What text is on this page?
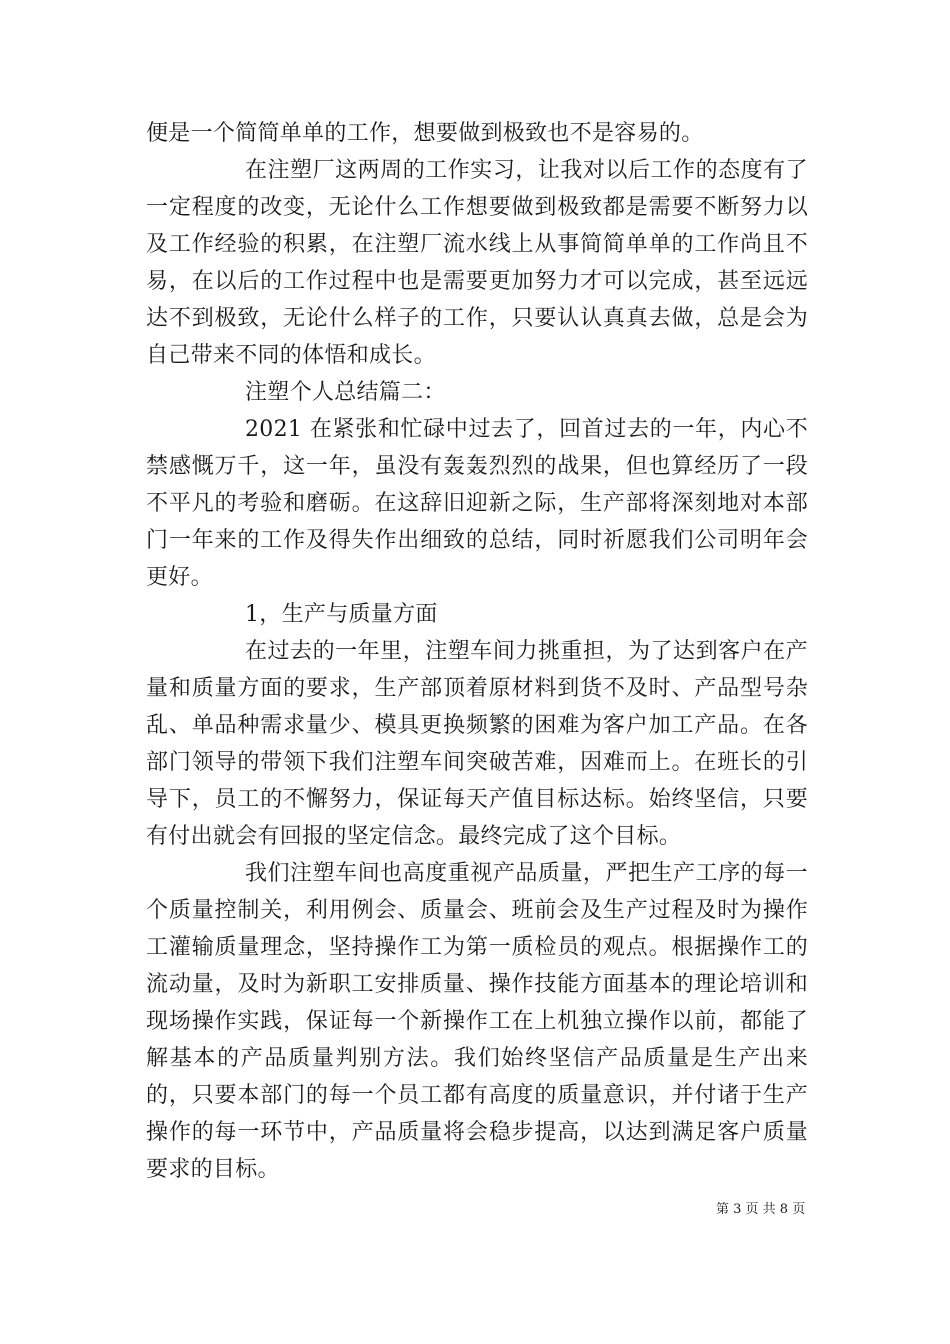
便是一个简简单单的工作，想要做到极致也不是容易的。

在注塑厂这两周的工作实习，让我对以后工作的态度有了一定程度的改变，无论什么工作想要做到极致都是需要不断努力以及工作经验的积累，在注塑厂流水线上从事简简单单的工作尚且不易，在以后的工作过程中也是需要更加努力才可以完成，甚至远远达不到极致，无论什么样子的工作，只要认认真真去做，总是会为自己带来不同的体悟和成长。

注塑个人总结篇二：

2021 在紧张和忙碌中过去了，回首过去的一年，内心不禁感慨万千，这一年，虽没有轰轰烈烈的战果，但也算经历了一段不平凡的考验和磨砺。在这辞旧迎新之际，生产部将深刻地对本部门一年来的工作及得失作出细致的总结，同时祈愿我们公司明年会更好。

1，生产与质量方面

在过去的一年里，注塑车间力挑重担，为了达到客户在产量和质量方面的要求，生产部顶着原材料到货不及时、产品型号杂乱、单品种需求量少、模具更换频繁的困难为客户加工产品。在各部门领导的带领下我们注塑车间突破苦难，因难而上。在班长的引导下，员工的不懈努力，保证每天产值目标达标。始终坚信，只要有付出就会有回报的坚定信念。最终完成了这个目标。

我们注塑车间也高度重视产品质量，严把生产工序的每一个质量控制关，利用例会、质量会、班前会及生产过程及时为操作工灌输质量理念，坚持操作工为第一质检员的观点。根据操作工的流动量，及时为新职工安排质量、操作技能方面基本的理论培训和现场操作实践，保证每一个新操作工在上机独立操作以前，都能了解基本的产品质量判别方法。我们始终坚信产品质量是生产出来的，只要本部门的每一个员工都有高度的质量意识，并付诸于生产操作的每一环节中，产品质量将会稳步提高，以达到满足客户质量要求的目标。

第 3 页 共 8 页
